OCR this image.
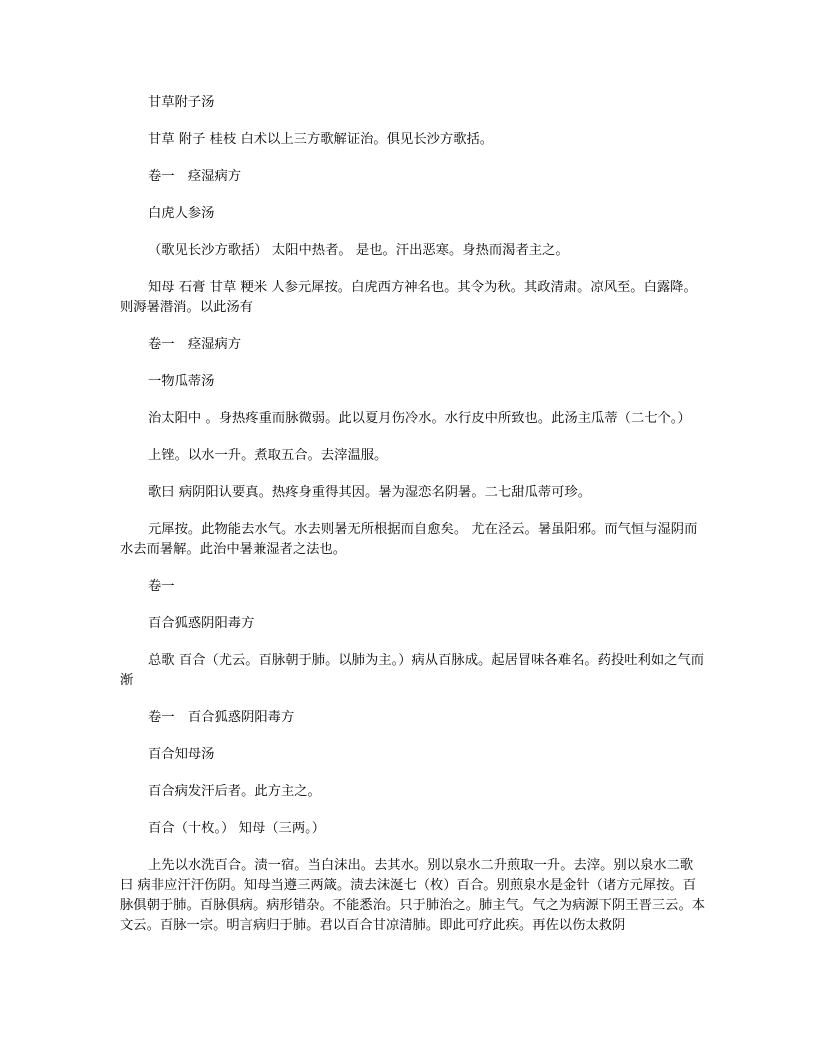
甘草附子汤

甘草 附子 桂枝 白术以上三方歌解证治。俱见长沙方歌括。

卷一　痉湿病方

白虎人参汤

（歌见长沙方歌括） 太阳中热者。 是也。汗出恶寒。身热而渴者主之。

知母 石膏 甘草 粳米 人参元犀按。白虎西方神名也。其令为秋。其政清肃。凉风至。白露降。则溽暑潜消。以此汤有

卷一　痉湿病方

一物瓜蒂汤

治太阳中 。身热疼重而脉微弱。此以夏月伤冷水。水行皮中所致也。此汤主瓜蒂（二七个。）

上锉。以水一升。煮取五合。去滓温服。

歌曰 病阴阳认要真。热疼身重得其因。暑为湿恋名阴暑。二七甜瓜蒂可珍。

元犀按。此物能去水气。水去则暑无所根据而自愈矣。 尤在泾云。暑虽阳邪。而气恒与湿阴而水去而暑解。此治中暑兼湿者之法也。

卷一

百合狐惑阴阳毒方

总歌 百合（尤云。百脉朝于肺。以肺为主。）病从百脉成。起居冒味各难名。药投吐利如之气而渐

卷一　百合狐惑阴阳毒方

百合知母汤

百合病发汗后者。此方主之。

百合（十枚。） 知母（三两。）

上先以水洗百合。渍一宿。当白沫出。去其水。别以泉水二升煎取一升。去滓。别以泉水二歌曰 病非应汗汗伤阴。知母当遵三两箴。渍去沫涎七（枚）百合。别煎泉水是金针（诸方元犀按。百脉俱朝于肺。百脉俱病。病形错杂。不能悉治。只于肺治之。肺主气。气之为病源下阴王晋三云。本文云。百脉一宗。明言病归于肺。君以百合甘凉清肺。即此可疗此疾。再佐以伤太救阴
